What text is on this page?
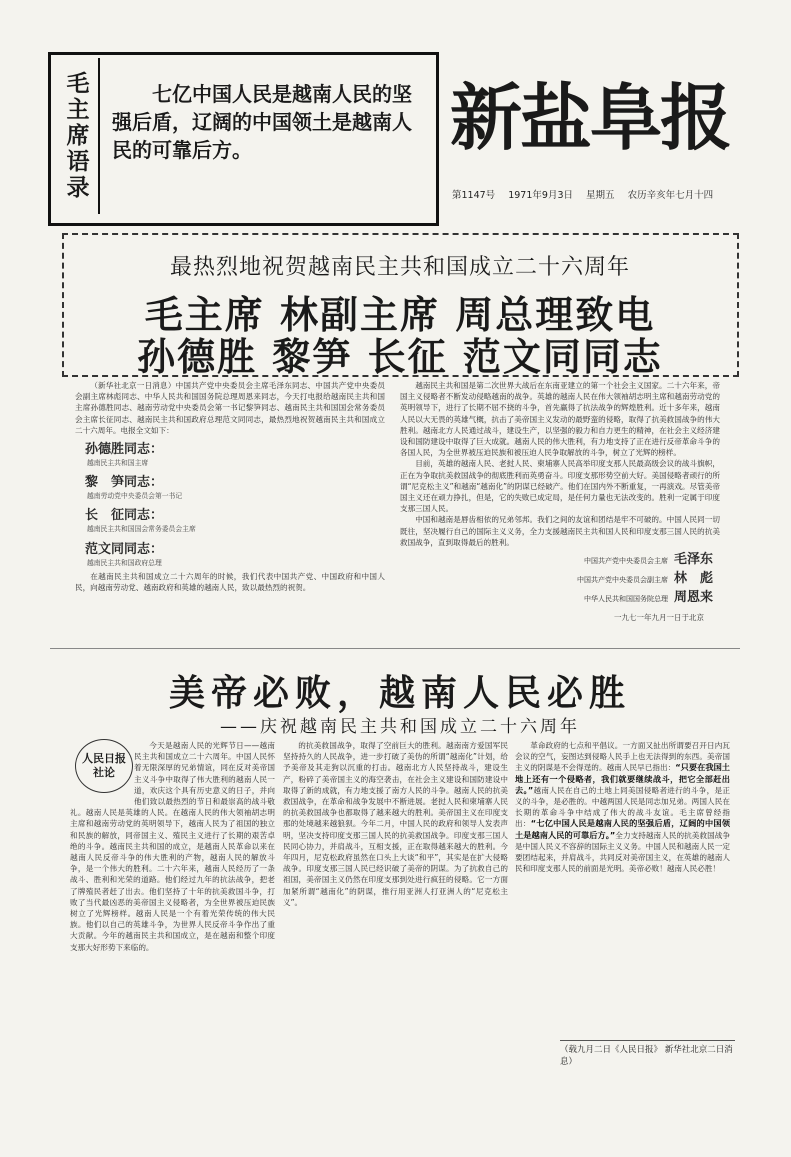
毛主席语录	七亿中国人民是越南人民的坚强后盾，辽阔的中国领土是越南人民的可靠后方。	新盐阜报
第1147号 1971年9月3日 星期五 农历辛亥年七月十四
最热烈地祝贺越南民主共和国成立二十六周年
毛主席 林副主席 周总理致电
孙德胜 黎笋 长征 范文同同志

（新华社北京一日消息）中国共产党中央委员会主席毛泽东同志、中国共产党中央委员会副主席林彪同志、中华人民共和国国务院总理周恩来同志，今天打电报给越南民主共和国主席孙德胜同志、越南劳动党中央委员会第一书记黎笋同志、越南民主共和国国会常务委员会主席长征同志、越南民主共和国政府总理范文同同志，最热烈地祝贺越南民主共和国成立二十六周年。电报全文如下：

孙德胜同志：
越南民主共和国主席
黎　笋同志：
越南劳动党中央委员会第一书记
长　征同志：
越南民主共和国国会常务委员会主席
范文同同志：
越南民主共和国政府总理

在越南民主共和国成立二十六周年的时候，我们代表中国共产党、中国政府和中国人民，向越南劳动党、越南政府和英雄的越南人民，致以最热烈的祝贺。

越南民主共和国是第二次世界大战后在东南亚建立的第一个社会主义国家。二十六年来，帝国主义侵略者不断发动侵略越南的战争。英雄的越南人民在伟大领袖胡志明主席和越南劳动党的英明领导下，进行了长期不屈不挠的斗争，首先赢得了抗法战争的辉煌胜利。近十多年来，越南人民以大无畏的英雄气概，抗击了美帝国主义发动的最野蛮的侵略，取得了抗美救国战争的伟大胜利。越南北方人民通过战斗，建设生产，以坚强的毅力和自力更生的精神，在社会主义经济建设和国防建设中取得了巨大成就。越南人民的伟大胜利，有力地支持了正在进行反帝革命斗争的各国人民，为全世界被压迫民族和被压迫人民争取解放的斗争，树立了光辉的榜样。

目前，英雄的越南人民、老挝人民、柬埔寨人民高举印度支那人民最高级会议的战斗旗帜，正在为争取抗美救国战争的彻底胜利而英勇奋斗。印度支那形势空前大好。美国侵略者顽行的所谓“尼克松主义”和越南“越南化”的阴谋已经破产。他们在国内外不断重复，一再演戏。尽管美帝国主义还在顽力挣扎，但是，它的失败已成定局，是任何力量也无法改变的。胜利一定属于印度支那三国人民。

中国和越南是唇齿相依的兄弟邻邦。我们之间的友谊和团结是牢不可破的。中国人民同一切既往，坚决履行自己的国际主义义务，全力支援越南民主共和国人民和印度支那三国人民的抗美救国战争，直到取得最后的胜利。

中国共产党中央委员会主席 毛泽东
中国共产党中央委员会副主席 林　彪
中华人民共和国国务院总理 周恩来
一九七一年九月一日于北京
美帝必败，越南人民必胜
——庆祝越南民主共和国成立二十六周年

今天是越南人民的光辉节日——越南民主共和国成立二十六周年。中国人民怀着无限深厚的兄弟情谊，同在反对美帝国主义斗争中取得了伟大胜利的越南人民一道，欢庆这个具有历史意义的日子，并向他们致以最热烈的节日和最崇高的战斗敬礼。越南人民是英雄的人民。在越南人民的伟大领袖胡志明主席和越南劳动党的英明领导下，越南人民为了祖国的独立和民族的解放，同帝国主义、殖民主义进行了长期的艰苦卓绝的斗争。越南民主共和国的成立，是越南人民革命以来在越南人民反帝斗争的伟大胜利的产物，越南人民的解放斗争，是一个伟大的胜利。二十六年来，越南人民经历了一条战斗、胜利和光荣的道路。他们经过九年的抗法战争，把老了牌殖民者赶了出去。他们坚持了十年的抗美救国斗争，打败了当代最凶恶的美帝国主义侵略者，为全世界被压迫民族树立了光辉榜样。越南人民是一个有着光荣传统的伟大民族。他们以自己的英雄斗争，为世界人民反帝斗争作出了重大贡献。今年的越南民主共和国成立，是在越南和整个印度支那大好形势下来临的。

人民日报
社论

的抗美救国战争，取得了空前巨大的胜利。越南南方爱国军民坚持持久的人民战争，进一步打破了美伪的所谓“越南化”计划，给予美帝及其走狗以沉重的打击。越南北方人民坚持战斗，建设生产，粉碎了美帝国主义的海空袭击，在社会主义建设和国防建设中取得了新的成就，有力地支援了南方人民的斗争。越南人民的抗美救国战争，在革命和战争发展中不断进展。老挝人民和柬埔寨人民的抗美救国战争也都取得了越来越大的胜利。美帝国主义在印度支那的处境越来越狼狈。今年二月，中国人民的政府和领导人发表声明，坚决支持印度支那三国人民的抗美救国战争。印度支那三国人民同心协力，并肩战斗，互相支援，正在取得越来越大的胜利。今年四月，尼克松政府虽然在口头上大谈“和平”，其实是在扩大侵略战争。印度支那三国人民已经识破了美帝的阴谋。为了抗救自己的祖国，美帝国主义仍然在印度支那到处进行疯狂的侵略。它一方面加紧所谓“越南化”的阴谋，推行用亚洲人打亚洲人的“尼克松主义”。

革命政府的七点和平倡议。一方面又扯出所谓要召开日内瓦会议的空气，妄图达到侵略人民手上也无法得到的东西。美帝国主义的阴谋是不会得逞的。越南人民早已指出：“只要在我国土地上还有一个侵略者，我们就要继续战斗，把它全部赶出去。”越南人民在自己的土地上同美国侵略者进行的斗争，是正义的斗争，是必胜的。中越两国人民是同志加兄弟。两国人民在长期的革命斗争中结成了伟大的战斗友谊。毛主席曾经指出：“七亿中国人民是越南人民的坚强后盾，辽阔的中国领土是越南人民的可靠后方。”全力支持越南人民的抗美救国战争是中国人民义不容辞的国际主义义务。中国人民和越南人民一定要团结起来，并肩战斗，共同反对美帝国主义，在英雄的越南人民和印度支那人民的前面是光明。美帝必败！越南人民必胜！

（载九月二日《人民日报》 新华社北京二日消息）
